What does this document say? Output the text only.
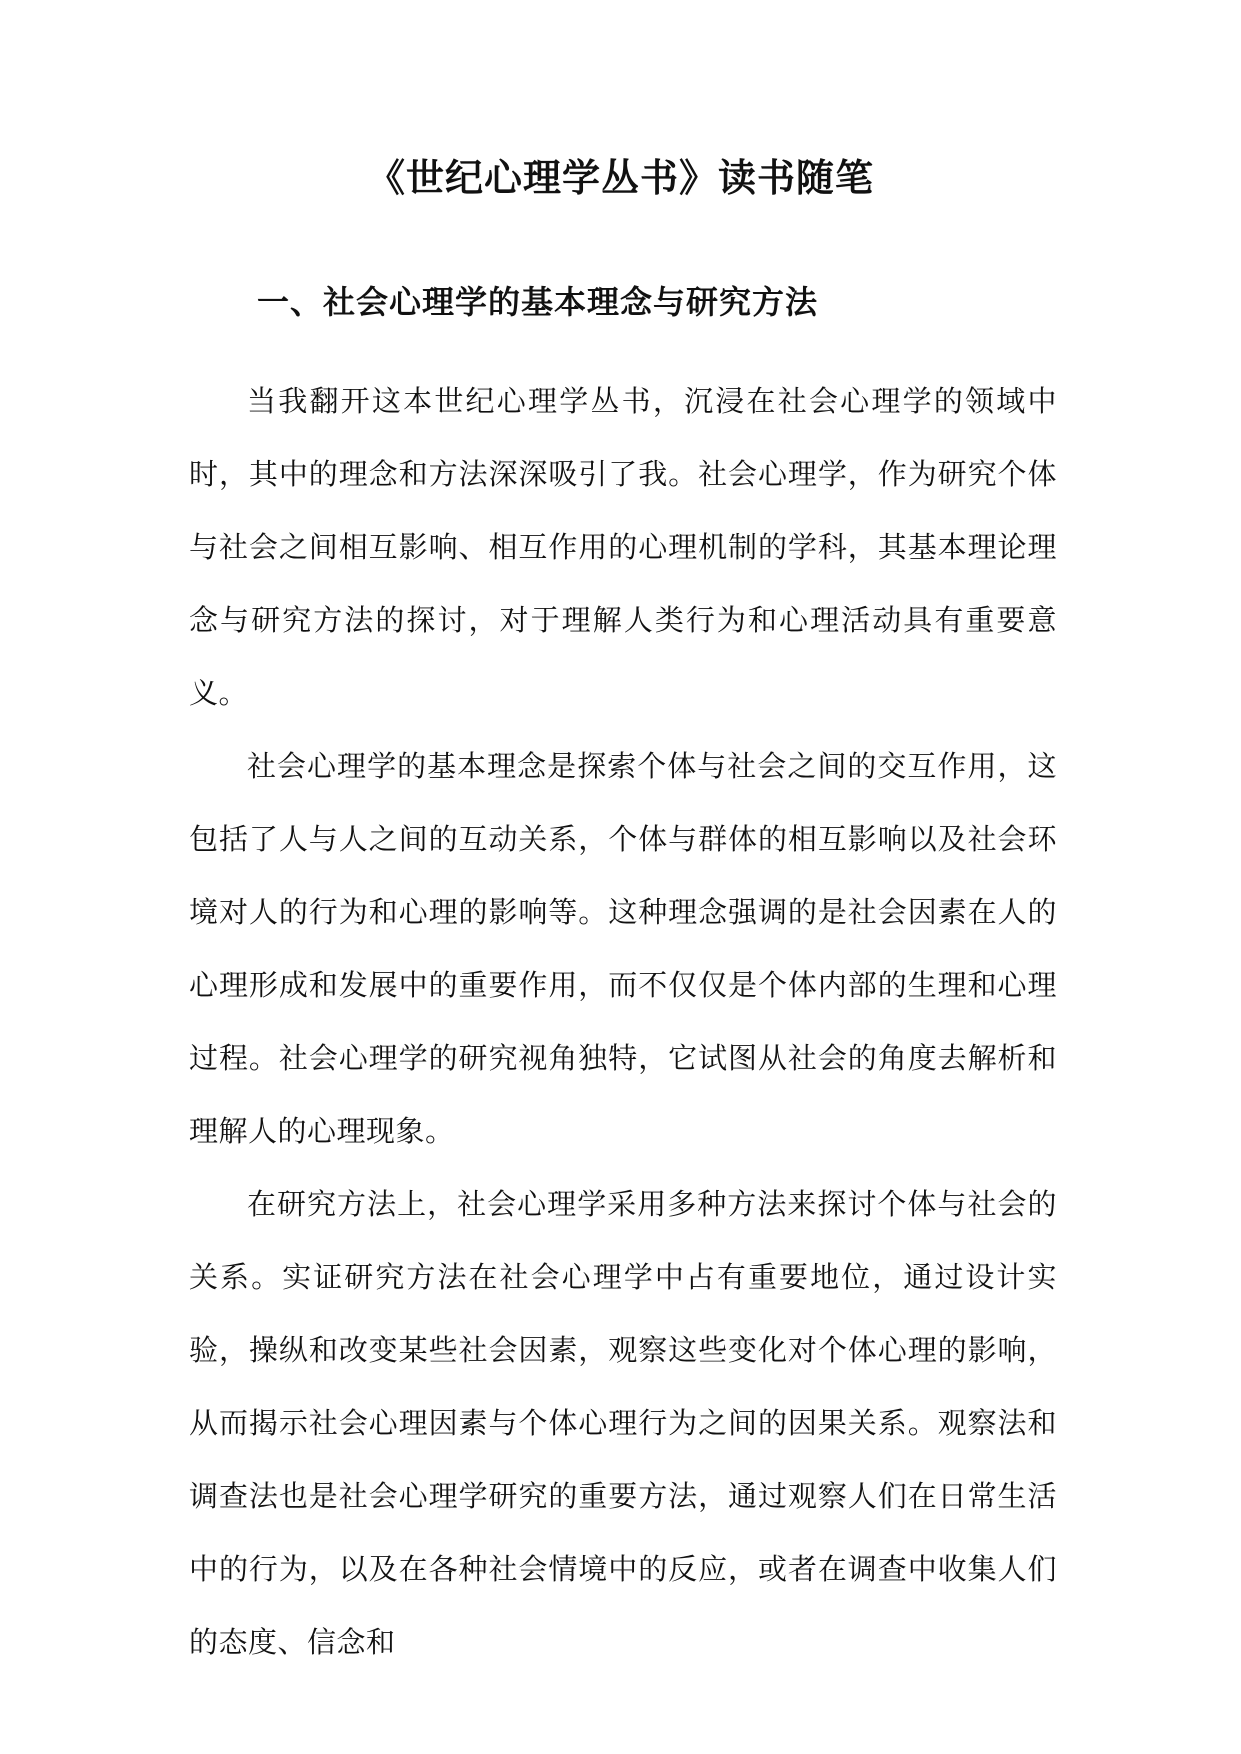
《世纪心理学丛书》读书随笔
一、社会心理学的基本理念与研究方法

当我翻开这本世纪心理学丛书，沉浸在社会心理学的领域中时，其中的理念和方法深深吸引了我。社会心理学，作为研究个体与社会之间相互影响、相互作用的心理机制的学科，其基本理论理念与研究方法的探讨，对于理解人类行为和心理活动具有重要意义。

社会心理学的基本理念是探索个体与社会之间的交互作用，这包括了人与人之间的互动关系，个体与群体的相互影响以及社会环境对人的行为和心理的影响等。这种理念强调的是社会因素在人的心理形成和发展中的重要作用，而不仅仅是个体内部的生理和心理过程。社会心理学的研究视角独特，它试图从社会的角度去解析和理解人的心理现象。

在研究方法上，社会心理学采用多种方法来探讨个体与社会的关系。实证研究方法在社会心理学中占有重要地位，通过设计实验，操纵和改变某些社会因素，观察这些变化对个体心理的影响，从而揭示社会心理因素与个体心理行为之间的因果关系。观察法和调查法也是社会心理学研究的重要方法，通过观察人们在日常生活中的行为，以及在各种社会情境中的反应，或者在调查中收集人们的态度、信念和
